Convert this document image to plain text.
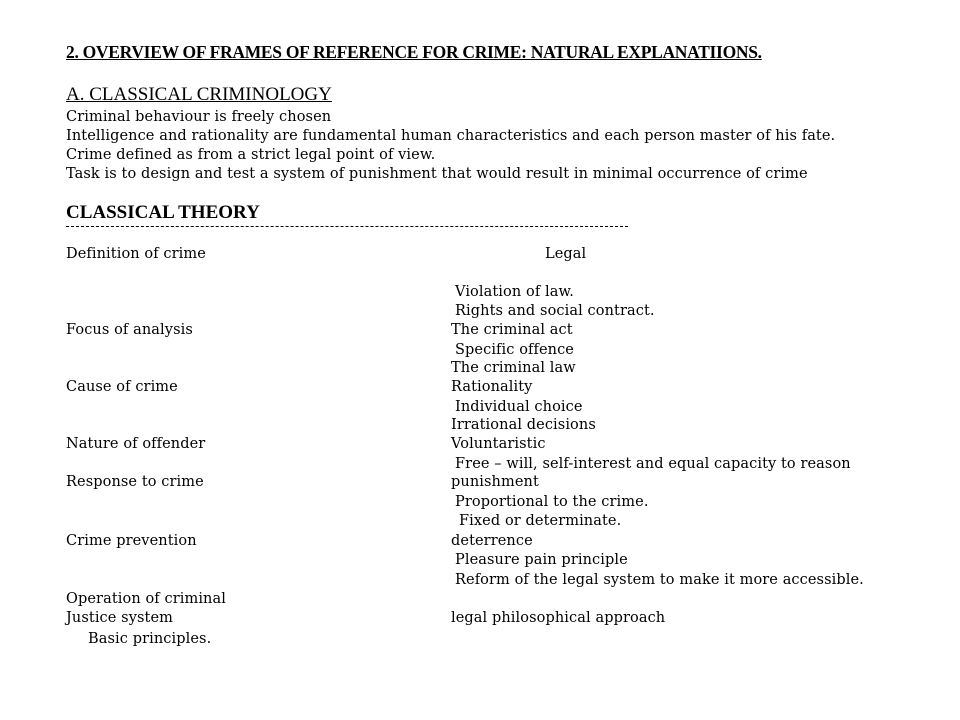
2. OVERVIEW OF FRAMES OF REFERENCE FOR CRIME: NATURAL EXPLANATIIONS.
A. CLASSICAL CRIMINOLOGY
Criminal behaviour is freely chosen
Intelligence and rationality are fundamental human characteristics and each person master of his fate.
Crime defined as from a strict legal point of view.
Task is to design and test a system of punishment that would result in minimal occurrence of crime
CLASSICAL THEORY
Definition of crime
Focus of analysis
Cause of crime
Nature of offender
Response to crime
Crime prevention
Operation of criminal
Justice system
Basic principles.
Legal
Violation of law.
Rights and social contract.
The criminal act
Specific offence
The criminal law
Rationality
Individual choice
Irrational decisions
Voluntaristic
Free – will, self-interest and equal capacity to reason
punishment
Proportional to the crime.
Fixed or determinate.
deterrence
Pleasure pain principle
Reform of the legal system to make it more accessible.
legal philosophical approach
